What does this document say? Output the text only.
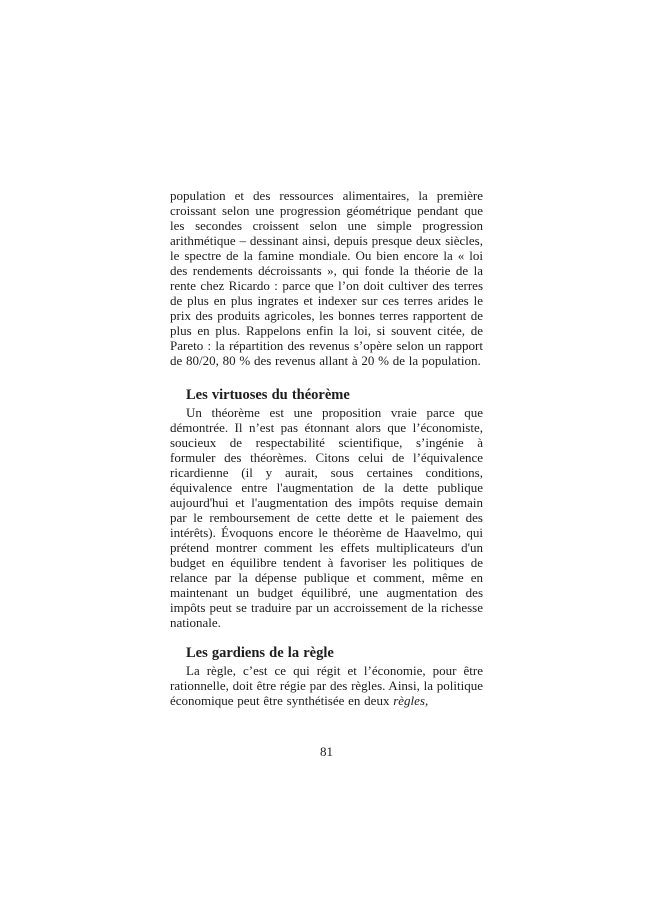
population et des ressources alimentaires, la première croissant selon une progression géométrique pendant que les secondes croissent selon une simple progression arithmétique – dessinant ainsi, depuis presque deux siècles, le spectre de la famine mondiale. Ou bien encore la « loi des rendements décroissants », qui fonde la théorie de la rente chez Ricardo : parce que l’on doit cultiver des terres de plus en plus ingrates et indexer sur ces terres arides le prix des produits agricoles, les bonnes terres rapportent de plus en plus. Rappelons enfin la loi, si souvent citée, de Pareto : la répartition des revenus s’opère selon un rapport de 80/20, 80 % des revenus allant à 20 % de la population.

Les virtuoses du théorème

Un théorème est une proposition vraie parce que démontrée. Il n’est pas étonnant alors que l’économiste, soucieux de respectabilité scientifique, s’ingénie à formuler des théorèmes. Citons celui de l’équivalence ricardienne (il y aurait, sous certaines conditions, équivalence entre l'augmentation de la dette publique aujourd'hui et l'augmentation des impôts requise demain par le remboursement de cette dette et le paiement des intérêts). Évoquons encore le théorème de Haavelmo, qui prétend montrer comment les effets multiplicateurs d'un budget en équilibre tendent à favoriser les politiques de relance par la dépense publique et comment, même en maintenant un budget équilibré, une augmentation des impôts peut se traduire par un accroissement de la richesse nationale.

Les gardiens de la règle

La règle, c’est ce qui régit et l’économie, pour être rationnelle, doit être régie par des règles. Ainsi, la politique économique peut être synthétisée en deux règles,

81
